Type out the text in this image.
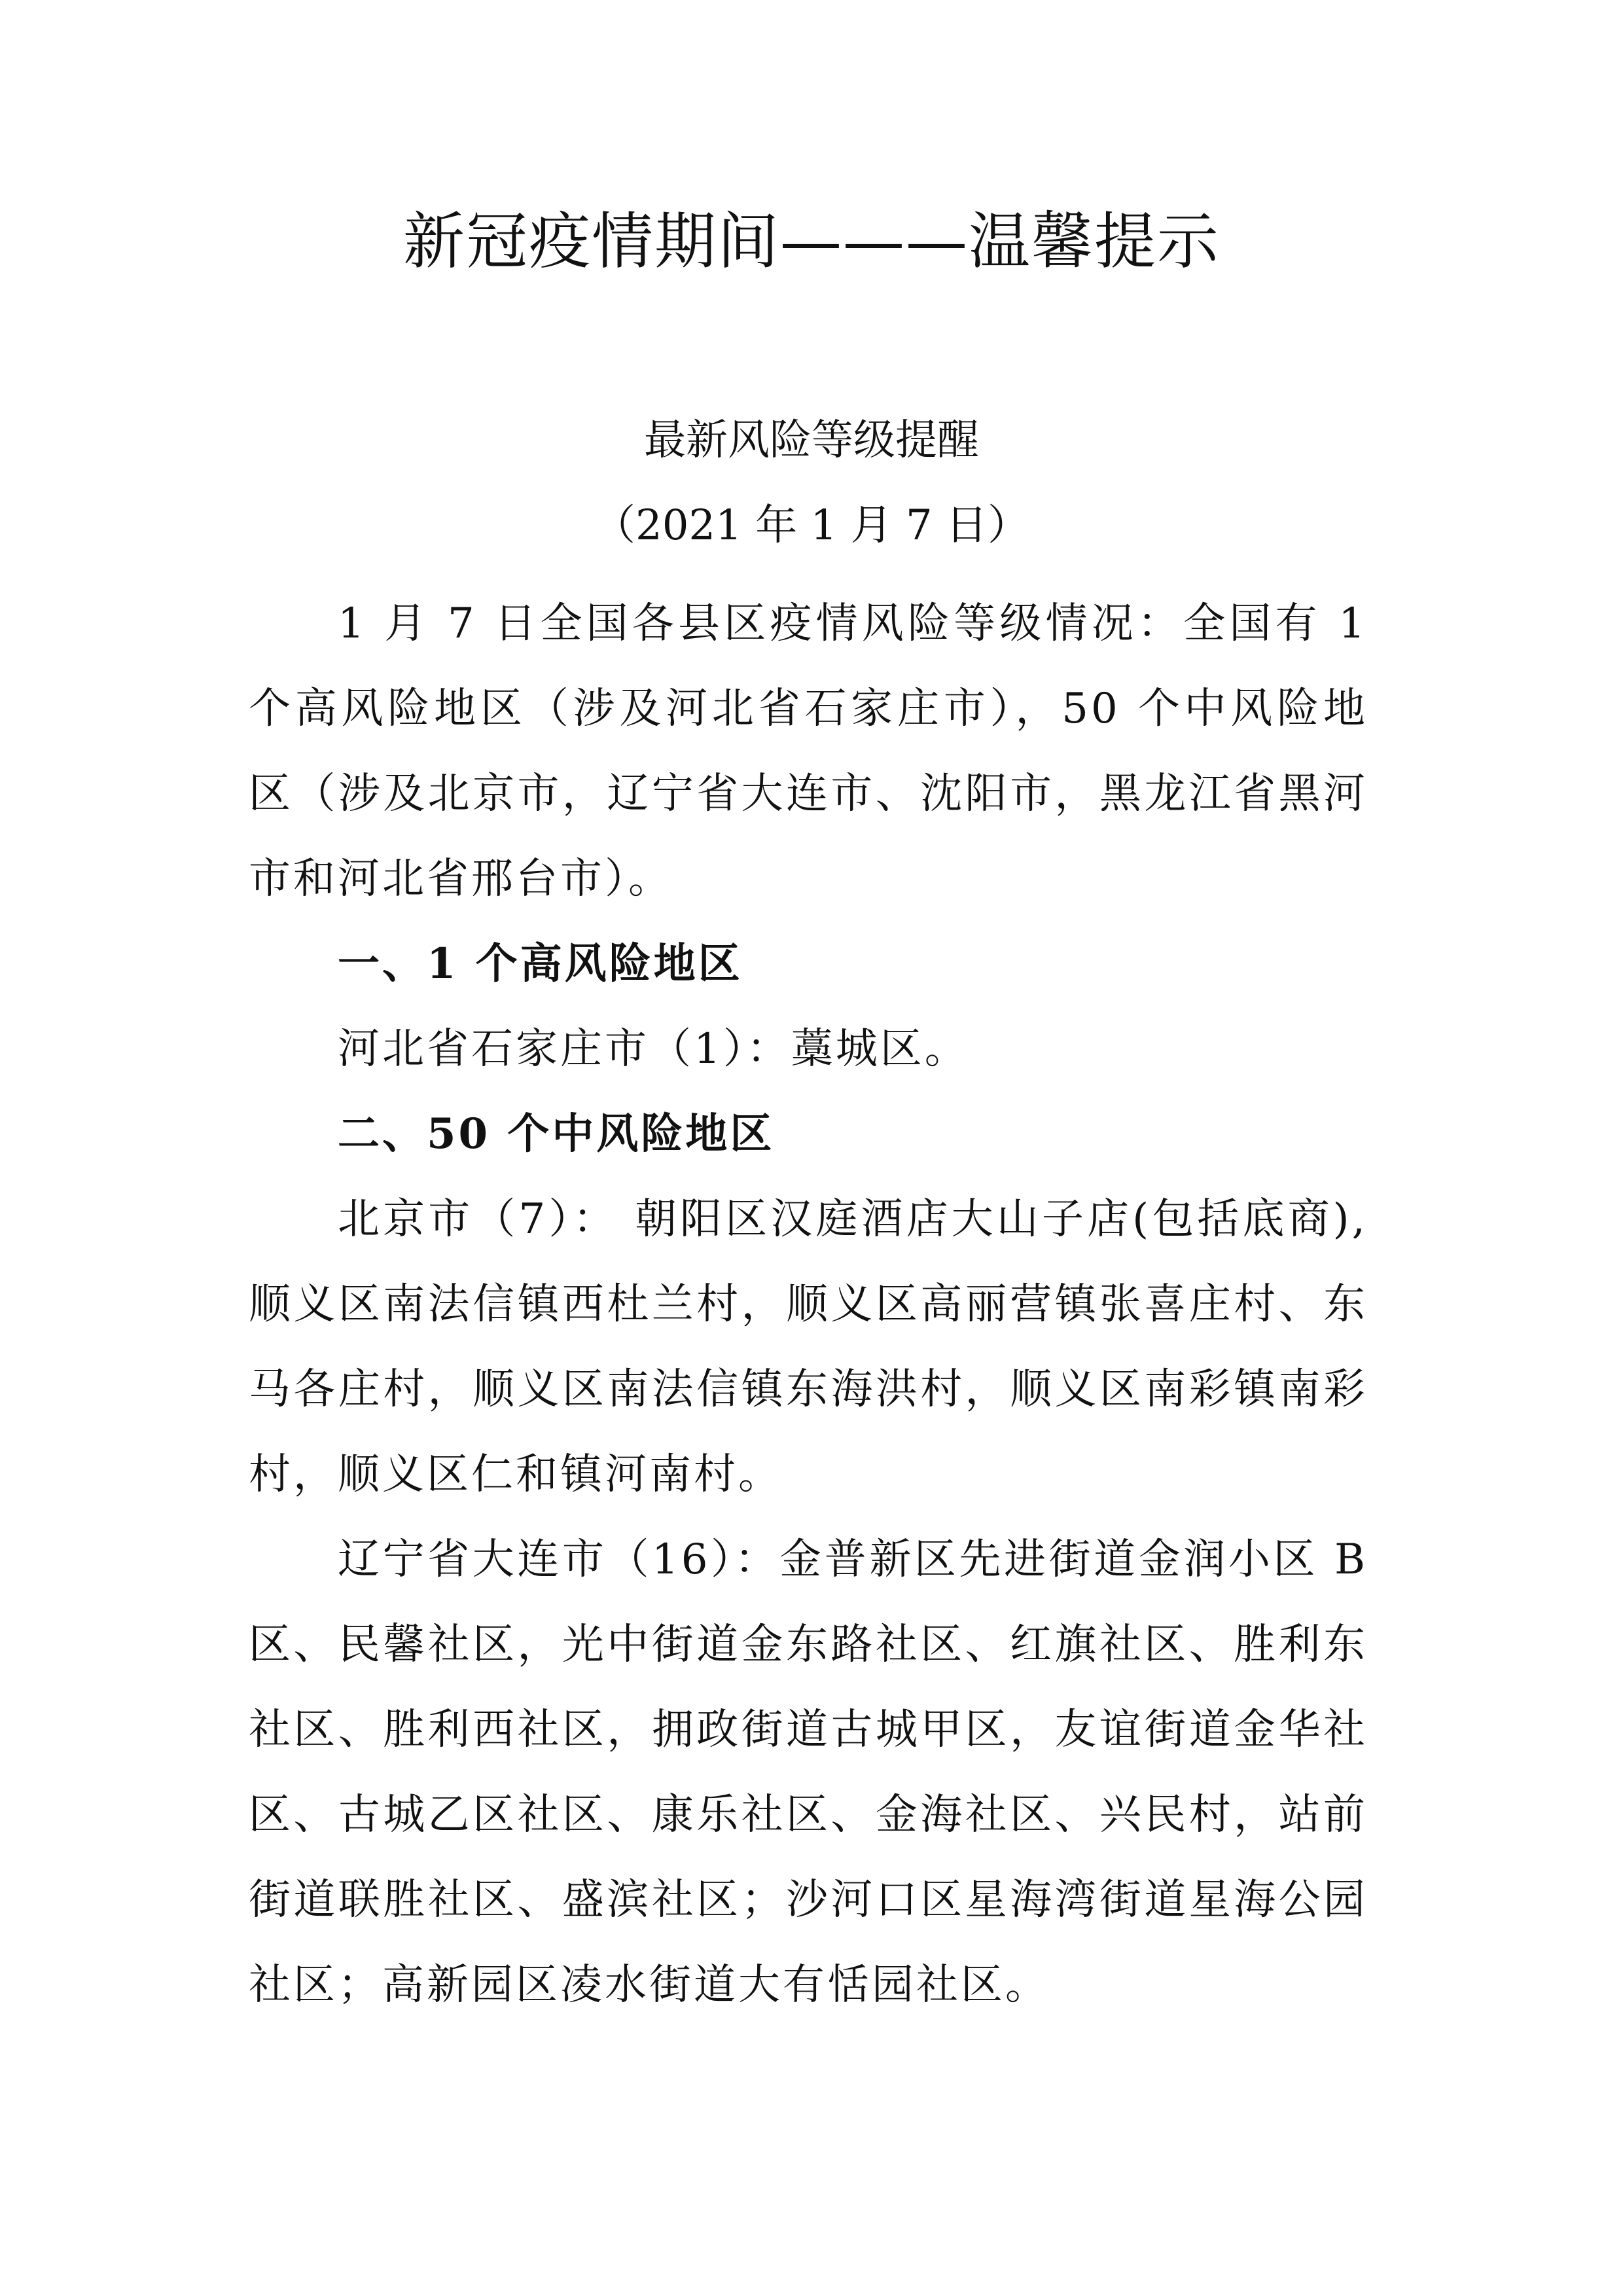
新冠疫情期间———温馨提示
最新风险等级提醒
（2021 年 1 月 7 日）

1 月 7 日全国各县区疫情风险等级情况：全国有 1 个高风险地区（涉及河北省石家庄市），50 个中风险地区（涉及北京市，辽宁省大连市、沈阳市，黑龙江省黑河市和河北省邢台市）。

一、1 个高风险地区

河北省石家庄市（1）：藁城区。

二、50 个中风险地区

北京市（7）： 朝阳区汉庭酒店大山子店(包括底商), 顺义区南法信镇西杜兰村，顺义区高丽营镇张喜庄村、东马各庄村，顺义区南法信镇东海洪村，顺义区南彩镇南彩村，顺义区仁和镇河南村。

辽宁省大连市（16）：金普新区先进街道金润小区 B 区、民馨社区，光中街道金东路社区、红旗社区、胜利东社区、胜利西社区，拥政街道古城甲区，友谊街道金华社区、古城乙区社区、康乐社区、金海社区、兴民村，站前街道联胜社区、盛滨社区；沙河口区星海湾街道星海公园社区；高新园区凌水街道大有恬园社区。
